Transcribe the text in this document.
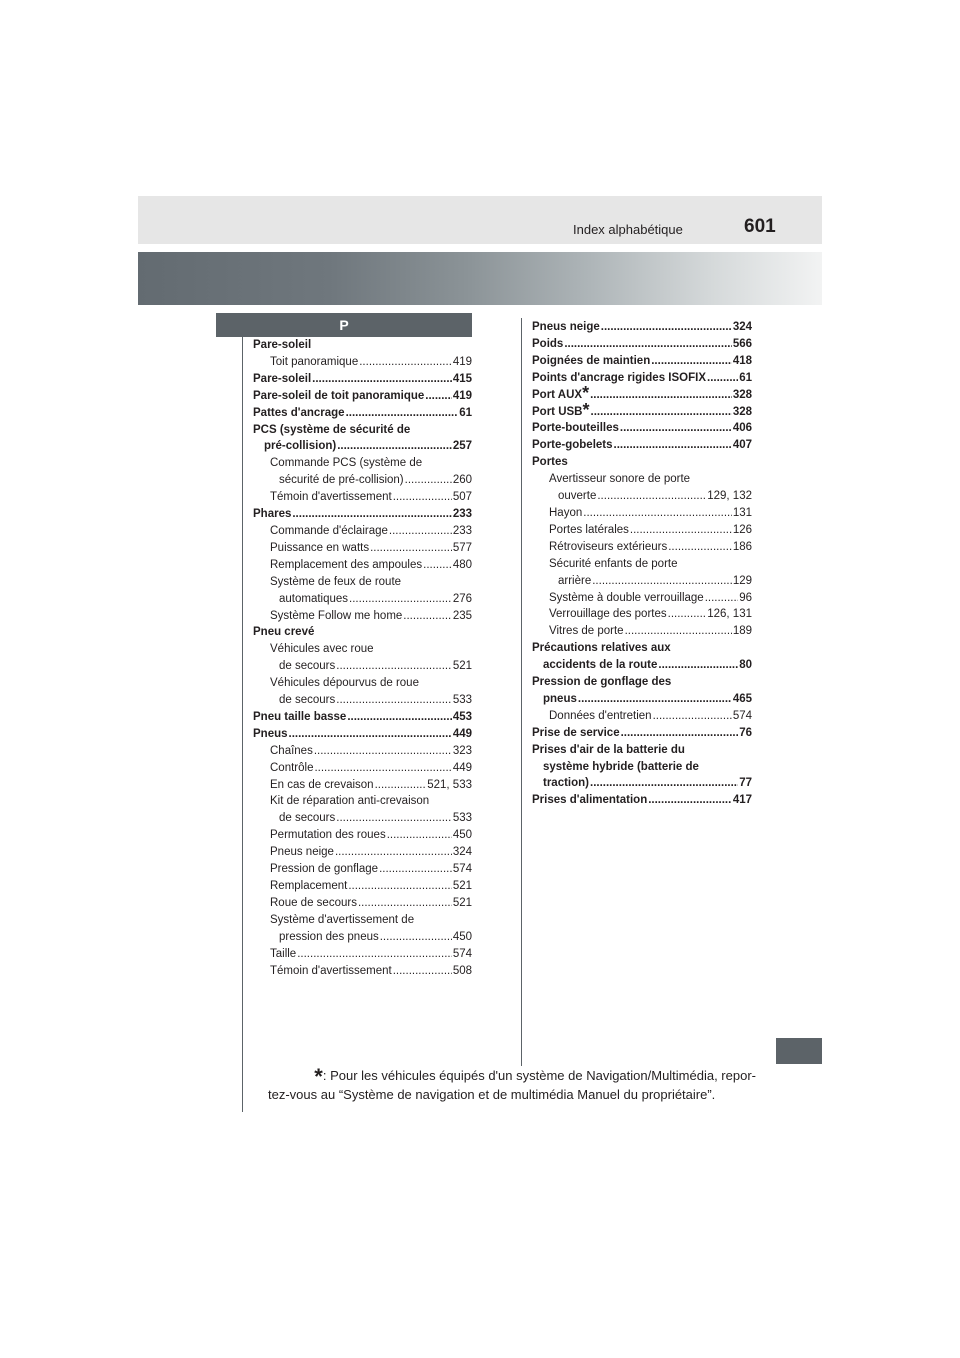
Index alphabétique	601
P
Pare-soleil
Toit panoramique .....	419
Pare-soleil .....	415
Pare-soleil de toit panoramique ..... 419
Pattes d'ancrage .....	61
PCS (système de sécurité de
pré-collision) .....	257
Commande PCS (système de
sécurité de pré-collision) .....	260
Témoin d'avertissement .....	507
Phares .....	233
Commande d'éclairage .....	233
Puissance en watts .....	577
Remplacement des ampoules .....	480
Système de feux de route
automatiques .....	276
Système Follow me home .....	235
Pneu crevé
Véhicules avec roue
de secours .....	521
Véhicules dépourvus de roue
de secours .....	533
Pneu taille basse .....	453
Pneus .....	449
Chaînes .....	323
Contrôle .....	449
En cas de crevaison .....	521, 533
Kit de réparation anti-crevaison
de secours .....	533
Permutation des roues .....	450
Pneus neige .....	324
Pression de gonflage .....	574
Remplacement .....	521
Roue de secours .....	521
Système d'avertissement de
pression des pneus .....	450
Taille .....	574
Témoin d'avertissement .....	508
Pneus neige .....	324
Poids .....	566
Poignées de maintien .....	418
Points d'ancrage rigides ISOFIX .....	61
Port AUX * .....	328
Port USB * .....	328
Porte-bouteilles .....	406
Porte-gobelets .....	407
Portes
Avertisseur sonore de porte
ouverte .....	129, 132
Hayon .....	131
Portes latérales .....	126
Rétroviseurs extérieurs .....	186
Sécurité enfants de porte
arrière .....	129
Système à double verrouillage .....	96
Verrouillage des portes .....	126, 131
Vitres de porte .....	189
Précautions relatives aux
accidents de la route .....	80
Pression de gonflage des
pneus .....	465
Données d'entretien .....	574
Prise de service .....	76
Prises d'air de la batterie du
système hybride (batterie de
traction) .....	77
Prises d'alimentation .....	417
*: Pour les véhicules équipés d'un système de Navigation/Multimédia, repor-
tez-vous au “Système de navigation et de multimédia Manuel du propriétaire”.
